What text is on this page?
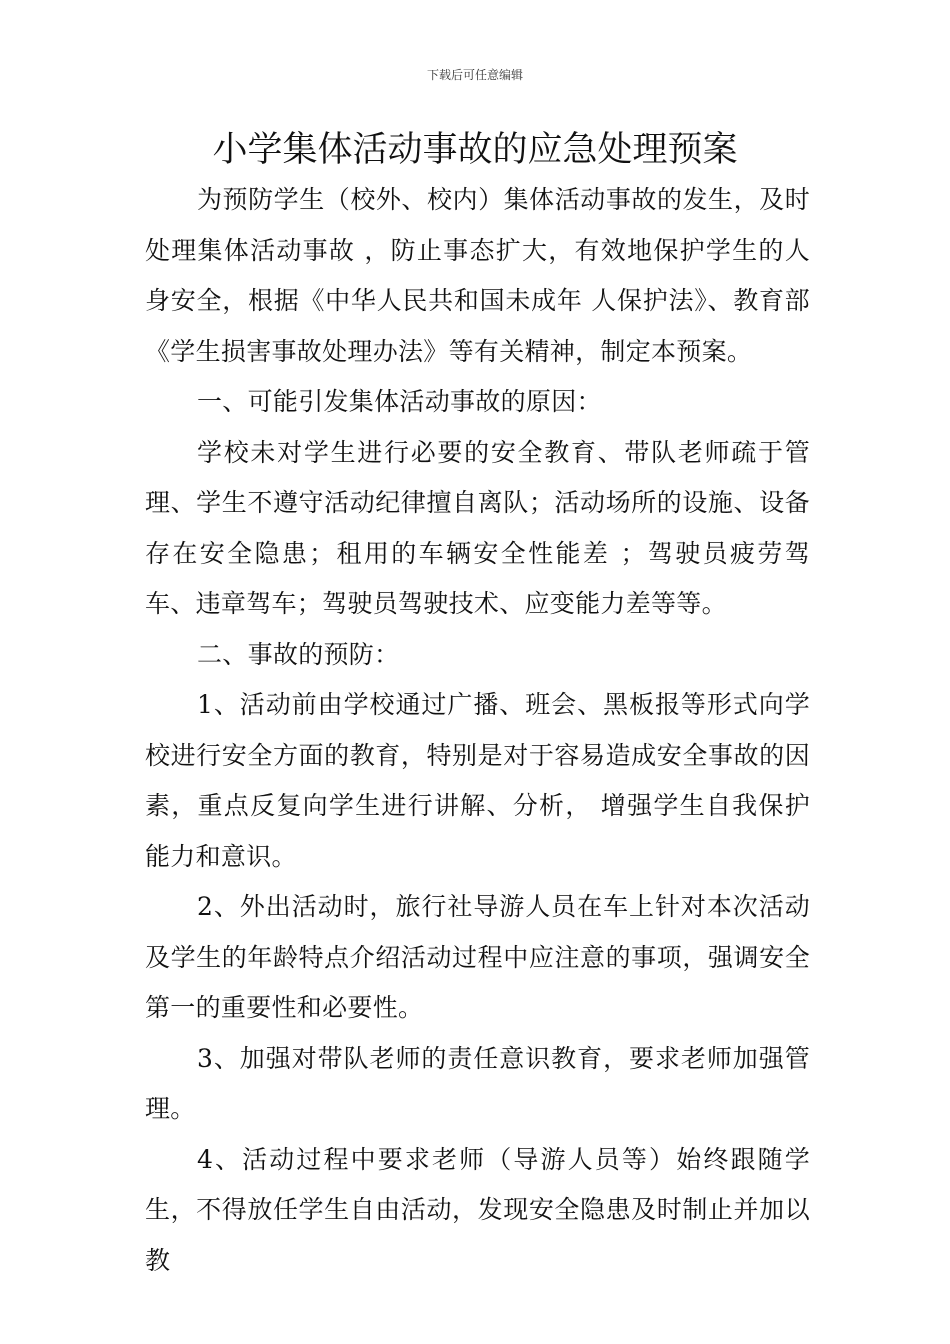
下载后可任意编辑
小学集体活动事故的应急处理预案

为预防学生（校外、校内）集体活动事故的发生，及时处理集体活动事故 ，防止事态扩大，有效地保护学生的人身安全，根据《中华人民共和国未成年 人保护法》、教育部《学生损害事故处理办法》等有关精神，制定本预案。

一、可能引发集体活动事故的原因：

学校未对学生进行必要的安全教育、带队老师疏于管理、学生不遵守活动纪律擅自离队；活动场所的设施、设备存在安全隐患；租用的车辆安全性能差 ；驾驶员疲劳驾车、违章驾车；驾驶员驾驶技术、应变能力差等等。

二、事故的预防：

1、活动前由学校通过广播、班会、黑板报等形式向学校进行安全方面的教育，特别是对于容易造成安全事故的因素，重点反复向学生进行讲解、分析， 增强学生自我保护能力和意识。

2、外出活动时，旅行社导游人员在车上针对本次活动及学生的年龄特点介绍活动过程中应注意的事项，强调安全第一的重要性和必要性。

3、加强对带队老师的责任意识教育，要求老师加强管理。

4、活动过程中要求老师（导游人员等）始终跟随学生，不得放任学生自由活动，发现安全隐患及时制止并加以教
